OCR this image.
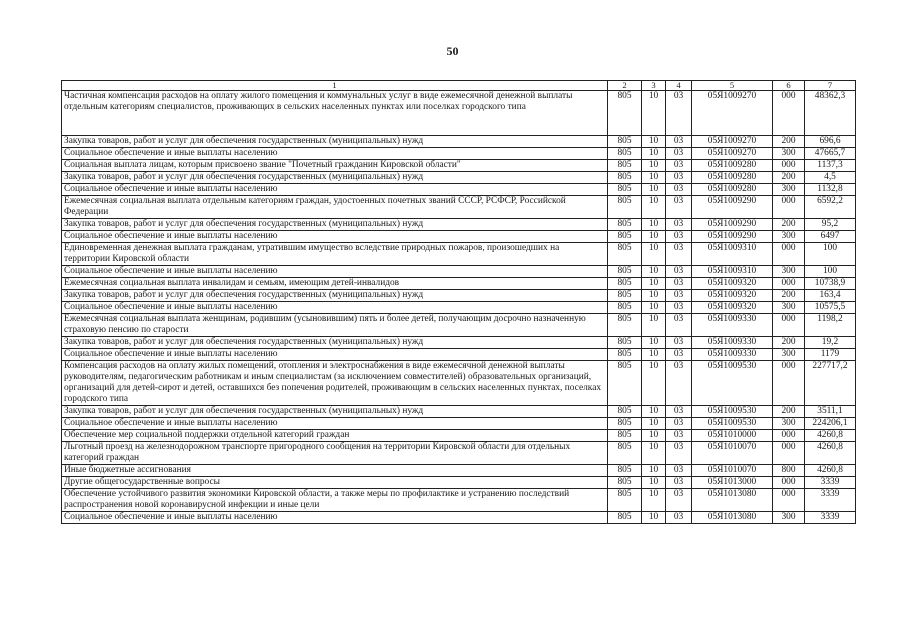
50
1	2	3	4	5	6	7
Частичная компенсация расходов на оплату жилого помещения и коммунальных услуг в виде ежемесячной денежной выплаты отдельным категориям специалистов, проживающих в сельских населенных пунктах или поселках городского типа	805	10	03	05Я1009270	000	48362,3
Закупка товаров, работ и услуг для обеспечения государственных (муниципальных) нужд	805	10	03	05Я1009270	200	696,6
Социальное обеспечение и иные выплаты населению	805	10	03	05Я1009270	300	47665,7
Социальная выплата лицам, которым присвоено звание "Почетный гражданин Кировской области"	805	10	03	05Я1009280	000	1137,3
Закупка товаров, работ и услуг для обеспечения государственных (муниципальных) нужд	805	10	03	05Я1009280	200	4,5
Социальное обеспечение и иные выплаты населению	805	10	03	05Я1009280	300	1132,8
Ежемесячная социальная выплата отдельным категориям граждан, удостоенных почетных званий СССР, РСФСР, Российской Федерации	805	10	03	05Я1009290	000	6592,2
Закупка товаров, работ и услуг для обеспечения государственных (муниципальных) нужд	805	10	03	05Я1009290	200	95,2
Социальное обеспечение и иные выплаты населению	805	10	03	05Я1009290	300	6497
Единовременная денежная выплата гражданам, утратившим имущество вследствие природных пожаров, произошедших на территории Кировской области	805	10	03	05Я1009310	000	100
Социальное обеспечение и иные выплаты населению	805	10	03	05Я1009310	300	100
Ежемесячная социальная выплата инвалидам и семьям, имеющим детей-инвалидов	805	10	03	05Я1009320	000	10738,9
Закупка товаров, работ и услуг для обеспечения государственных (муниципальных) нужд	805	10	03	05Я1009320	200	163,4
Социальное обеспечение и иные выплаты населению	805	10	03	05Я1009320	300	10575,5
Ежемесячная социальная выплата женщинам, родившим (усыновившим) пять и более детей, получающим досрочно назначенную страховую пенсию по старости	805	10	03	05Я1009330	000	1198,2
Закупка товаров, работ и услуг для обеспечения государственных (муниципальных) нужд	805	10	03	05Я1009330	200	19,2
Социальное обеспечение и иные выплаты населению	805	10	03	05Я1009330	300	1179
Компенсация расходов на оплату жилых помещений, отопления и электроснабжения в виде ежемесячной денежной выплаты руководителям, педагогическим работникам и иным специалистам (за исключением совместителей) образовательных организаций, организаций для детей-сирот и детей, оставшихся без попечения родителей, проживающим в сельских населенных пунктах, поселках городского типа	805	10	03	05Я1009530	000	227717,2
Закупка товаров, работ и услуг для обеспечения государственных (муниципальных) нужд	805	10	03	05Я1009530	200	3511,1
Социальное обеспечение и иные выплаты населению	805	10	03	05Я1009530	300	224206,1
Обеспечение мер социальной поддержки отдельной категорий граждан	805	10	03	05Я1010000	000	4260,8
Льготный проезд на железнодорожном транспорте пригородного сообщения на территории Кировской области для отдельных категорий граждан	805	10	03	05Я1010070	000	4260,8
Иные бюджетные ассигнования	805	10	03	05Я1010070	800	4260,8
Другие общегосударственные вопросы	805	10	03	05Я1013000	000	3339
Обеспечение устойчивого развития экономики Кировской области, а также меры по профилактике и устранению последствий распространения новой коронавирусной инфекции и иные цели	805	10	03	05Я1013080	000	3339
Социальное обеспечение и иные выплаты населению	805	10	03	05Я1013080	300	3339
